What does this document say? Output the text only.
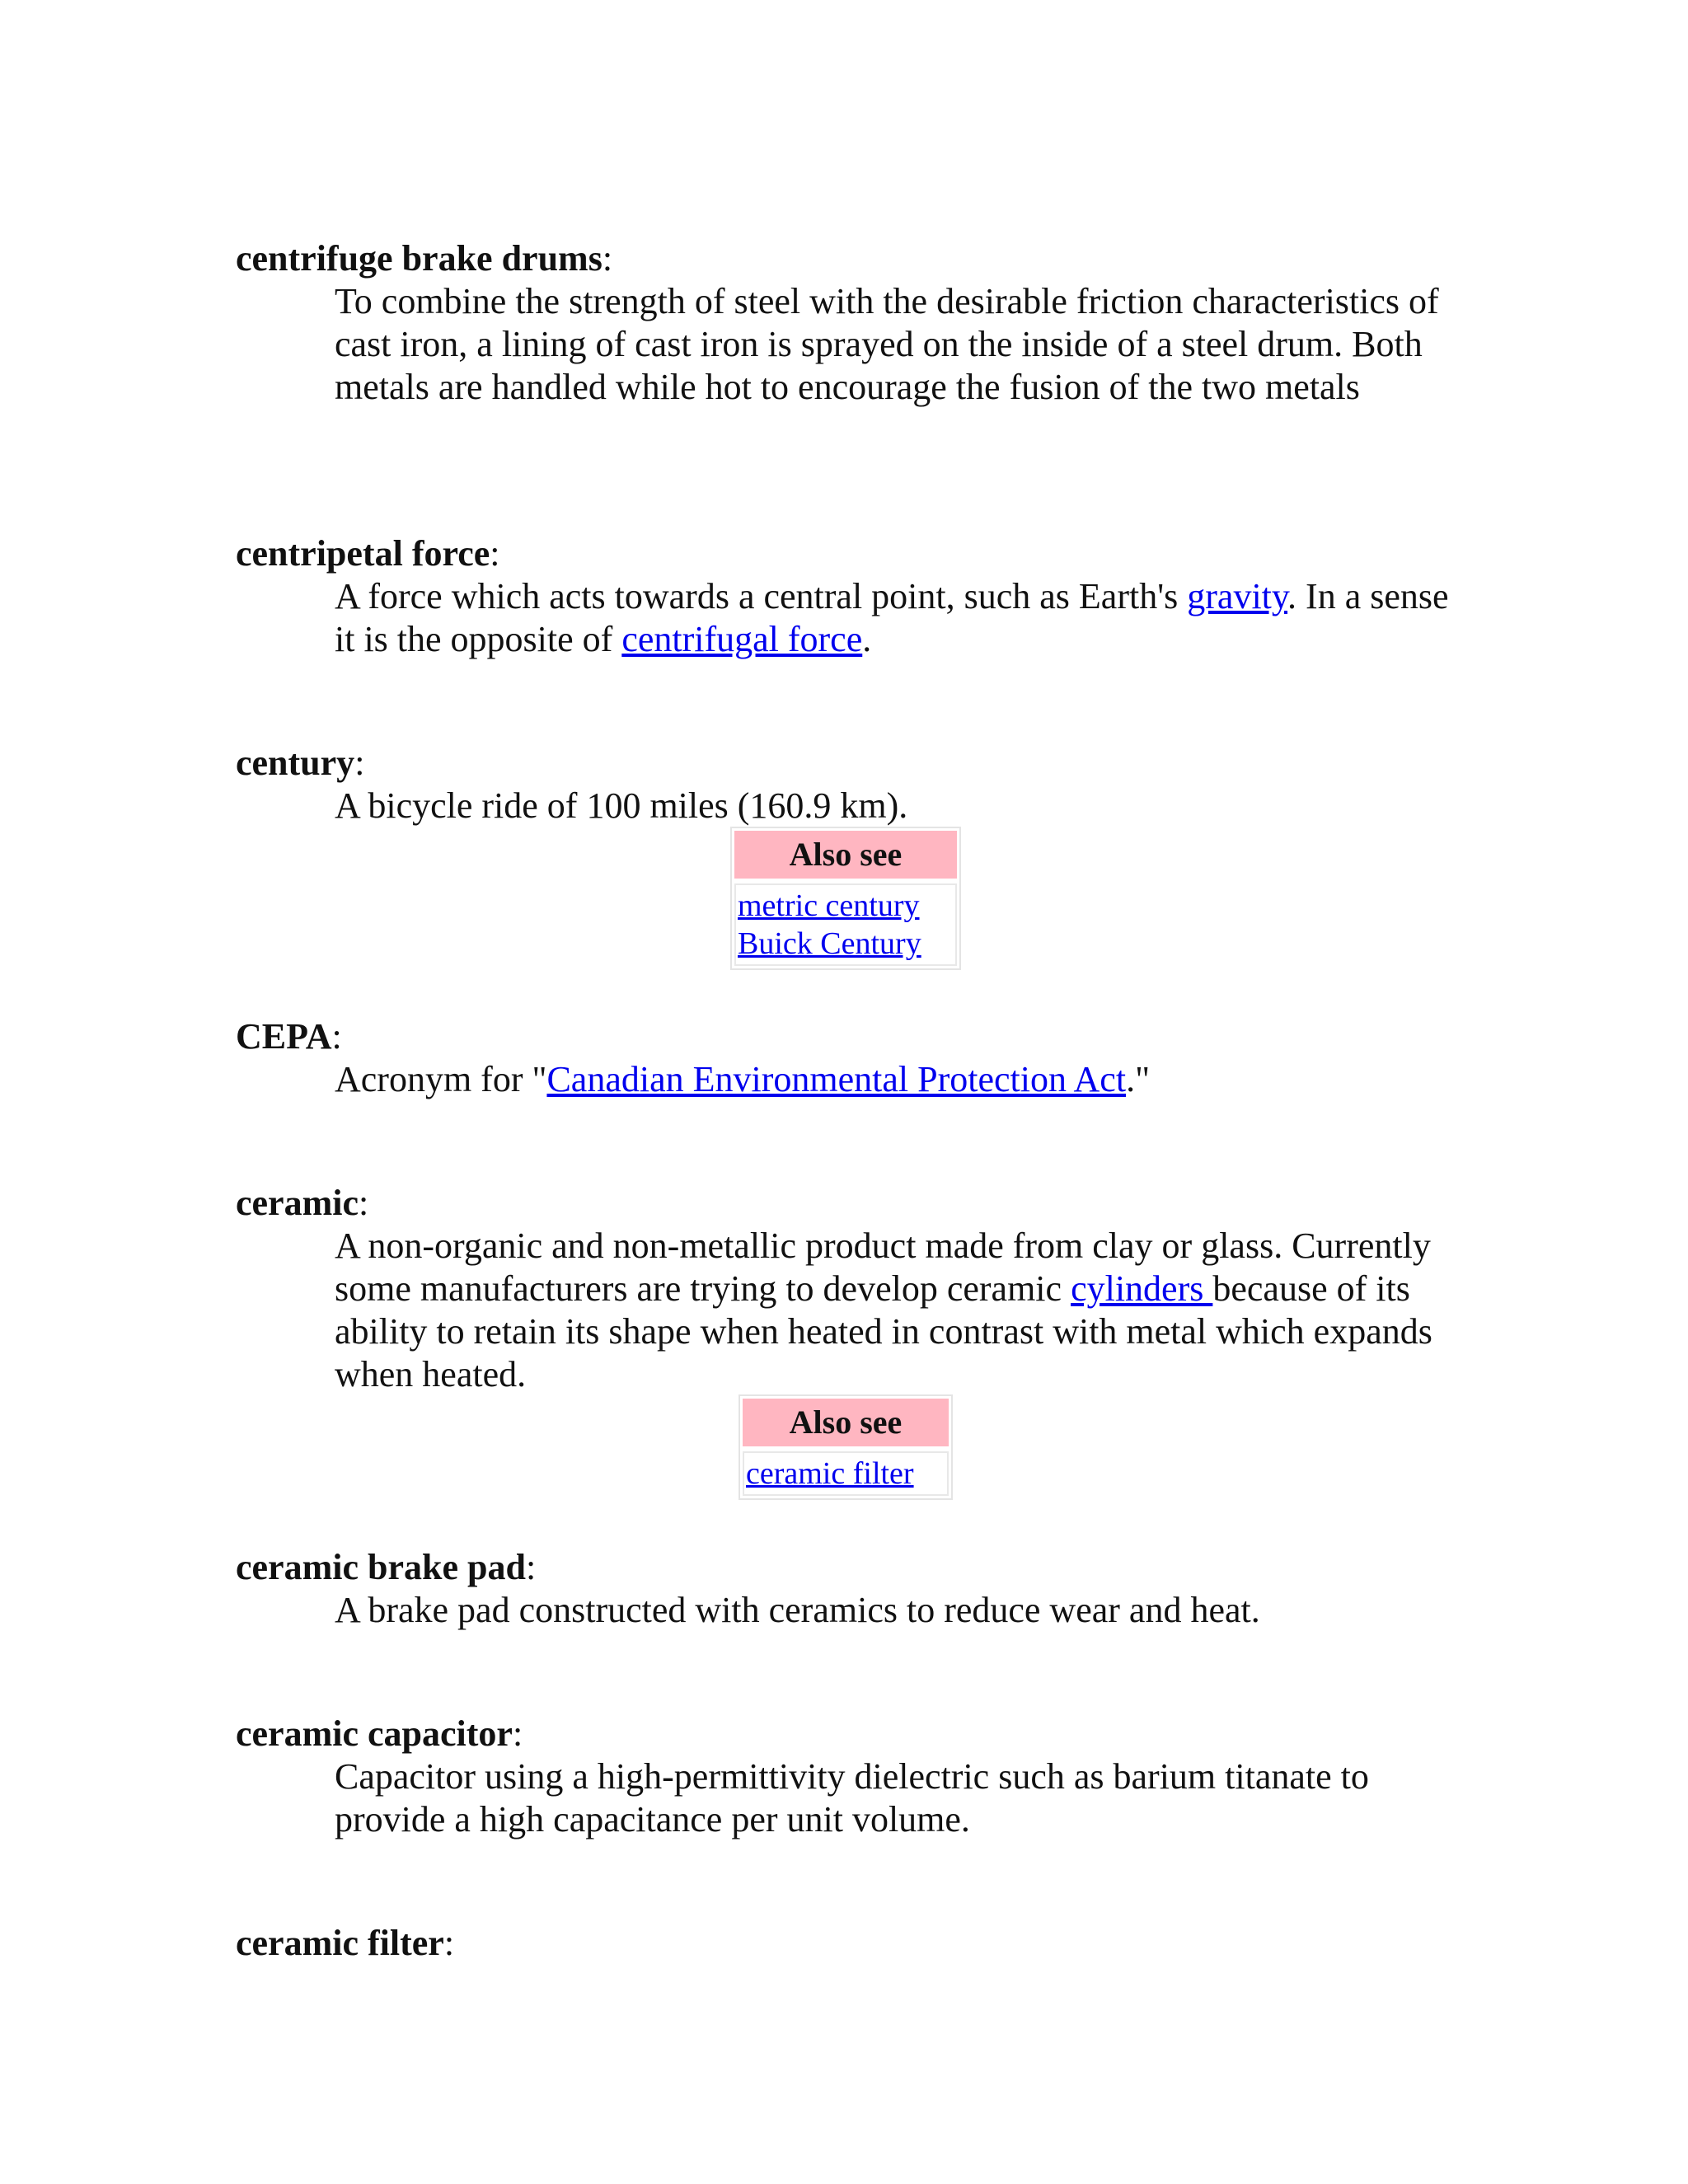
centrifuge brake drums:

To combine the strength of steel with the desirable friction characteristics of cast iron, a lining of cast iron is sprayed on the inside of a steel drum. Both metals are handled while hot to encourage the fusion of the two metals

centripetal force:

A force which acts towards a central point, such as Earth's gravity. In a sense it is the opposite of centrifugal force.

century:

A bicycle ride of 100 miles (160.9 km).

Also see
metric century
Buick Century

CEPA:

Acronym for "Canadian Environmental Protection Act."

ceramic:

A non-organic and non-metallic product made from clay or glass. Currently some manufacturers are trying to develop ceramic cylinders because of its ability to retain its shape when heated in contrast with metal which expands when heated.

Also see
ceramic filter

ceramic brake pad:

A brake pad constructed with ceramics to reduce wear and heat.

ceramic capacitor:

Capacitor using a high-permittivity dielectric such as barium titanate to provide a high capacitance per unit volume.

ceramic filter:
